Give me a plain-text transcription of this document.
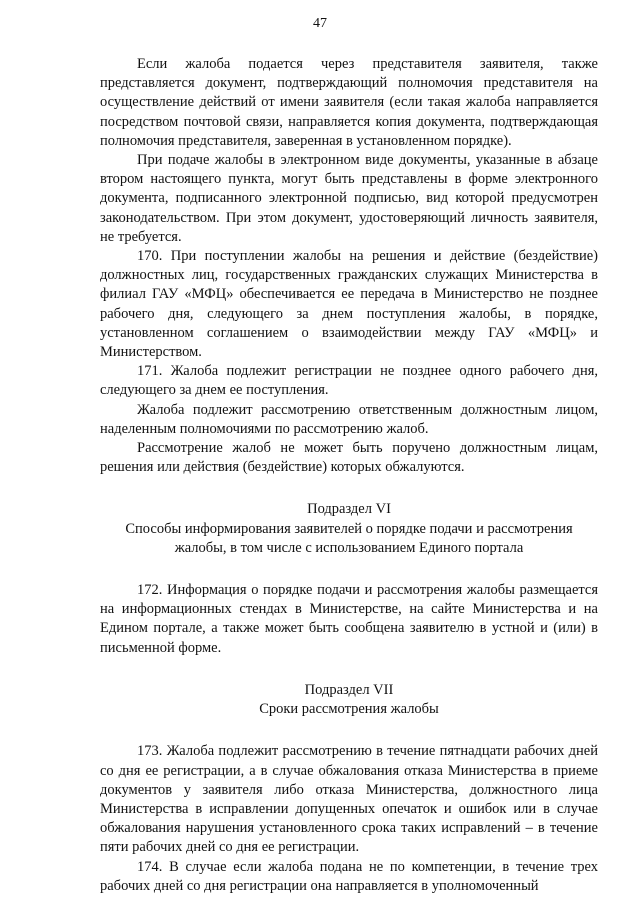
47

Если жалоба подается через представителя заявителя, также представляется документ, подтверждающий полномочия представителя на осуществление действий от имени заявителя (если такая жалоба направляется посредством почтовой связи, направляется копия документа, подтверждающая полномочия представителя, заверенная в установленном порядке).

При подаче жалобы в электронном виде документы, указанные в абзаце втором настоящего пункта, могут быть представлены в форме электронного документа, подписанного электронной подписью, вид которой предусмотрен законодательством. При этом документ, удостоверяющий личность заявителя, не требуется.

170. При поступлении жалобы на решения и действие (бездействие) должностных лиц, государственных гражданских служащих Министерства в филиал ГАУ «МФЦ» обеспечивается ее передача в Министерство не позднее рабочего дня, следующего за днем поступления жалобы, в порядке, установленном соглашением о взаимодействии между ГАУ «МФЦ» и Министерством.

171. Жалоба подлежит регистрации не позднее одного рабочего дня, следующего за днем ее поступления.

Жалоба подлежит рассмотрению ответственным должностным лицом, наделенным полномочиями по рассмотрению жалоб.

Рассмотрение жалоб не может быть поручено должностным лицам, решения или действия (бездействие) которых обжалуются.

Подраздел VI

Способы информирования заявителей о порядке подачи и рассмотрения жалобы, в том числе с использованием Единого портала

172. Информация о порядке подачи и рассмотрения жалобы размещается на информационных стендах в Министерстве, на сайте Министерства и на Едином портале, а также может быть сообщена заявителю в устной и (или) в письменной форме.

Подраздел VII

Сроки рассмотрения жалобы

173. Жалоба подлежит рассмотрению в течение пятнадцати рабочих дней со дня ее регистрации, а в случае обжалования отказа Министерства в приеме документов у заявителя либо отказа Министерства, должностного лица Министерства в исправлении допущенных опечаток и ошибок или в случае обжалования нарушения установленного срока таких исправлений – в течение пяти рабочих дней со дня ее регистрации.

174. В случае если жалоба подана не по компетенции, в течение трех рабочих дней со дня регистрации она направляется в уполномоченный
